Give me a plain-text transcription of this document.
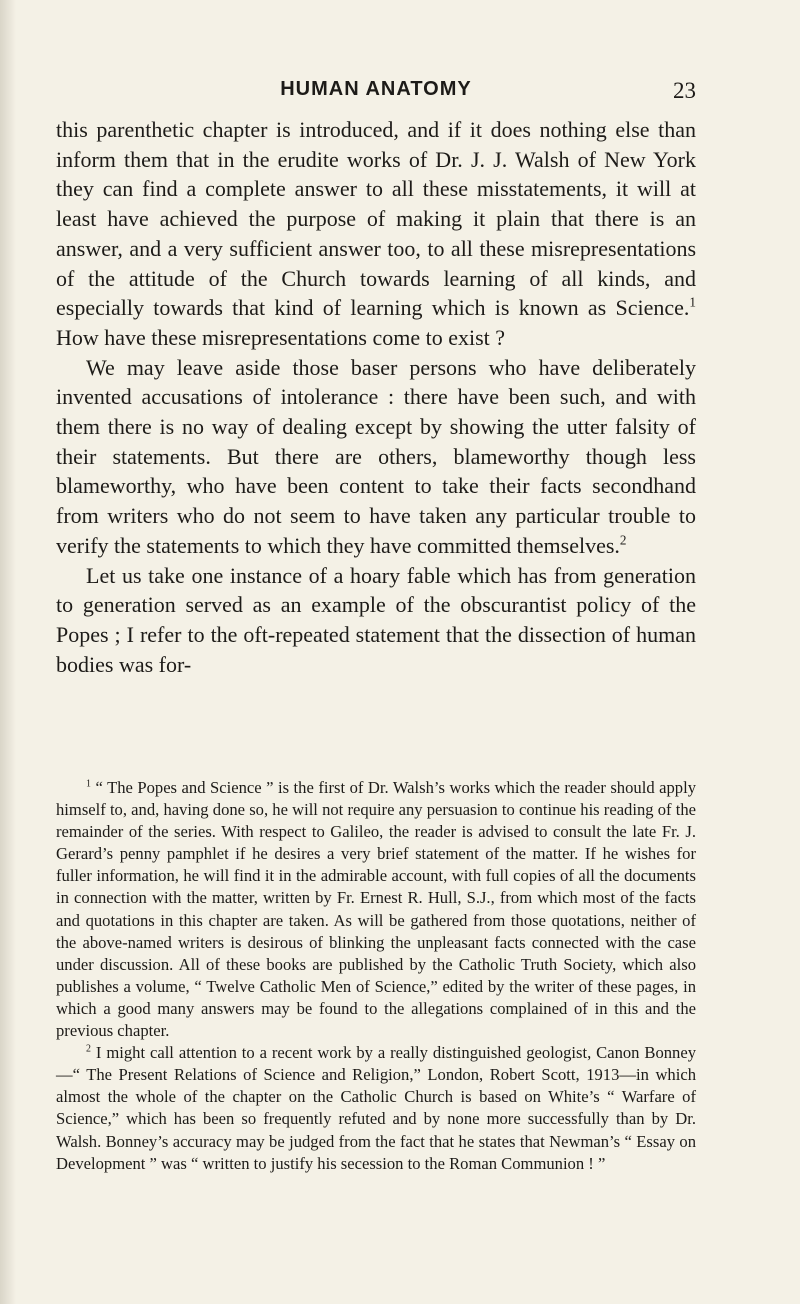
HUMAN ANATOMY	23

this parenthetic chapter is introduced, and if it does nothing else than inform them that in the erudite works of Dr. J. J. Walsh of New York they can find a complete answer to all these misstatements, it will at least have achieved the purpose of making it plain that there is an answer, and a very sufficient answer too, to all these misrepresentations of the attitude of the Church towards learning of all kinds, and especially towards that kind of learning which is known as Science.$^1$ How have these misrepresentations come to exist ?

We may leave aside those baser persons who have deliberately invented accusations of intolerance : there have been such, and with them there is no way of dealing except by showing the utter falsity of their statements. But there are others, blameworthy though less blameworthy, who have been content to take their facts secondhand from writers who do not seem to have taken any particular trouble to verify the statements to which they have committed themselves.$^2$

Let us take one instance of a hoary fable which has from generation to generation served as an example of the obscurantist policy of the Popes ; I refer to the oft-repeated statement that the dissection of human bodies was for-

$^1$ “ The Popes and Science ” is the first of Dr. Walsh’s works which the reader should apply himself to, and, having done so, he will not require any persuasion to continue his reading of the remainder of the series. With respect to Galileo, the reader is advised to consult the late Fr. J. Gerard’s penny pamphlet if he desires a very brief statement of the matter. If he wishes for fuller information, he will find it in the admirable account, with full copies of all the documents in connection with the matter, written by Fr. Ernest R. Hull, S.J., from which most of the facts and quotations in this chapter are taken. As will be gathered from those quotations, neither of the above-named writers is desirous of blinking the unpleasant facts connected with the case under discussion. All of these books are published by the Catholic Truth Society, which also publishes a volume, “ Twelve Catholic Men of Science,” edited by the writer of these pages, in which a good many answers may be found to the allegations complained of in this and the previous chapter.

$^2$ I might call attention to a recent work by a really distinguished geologist, Canon Bonney—“ The Present Relations of Science and Religion,” London, Robert Scott, 1913—in which almost the whole of the chapter on the Catholic Church is based on White’s “ Warfare of Science,” which has been so frequently refuted and by none more successfully than by Dr. Walsh. Bonney’s accuracy may be judged from the fact that he states that Newman’s “ Essay on Development ” was “ written to justify his secession to the Roman Communion ! ”
